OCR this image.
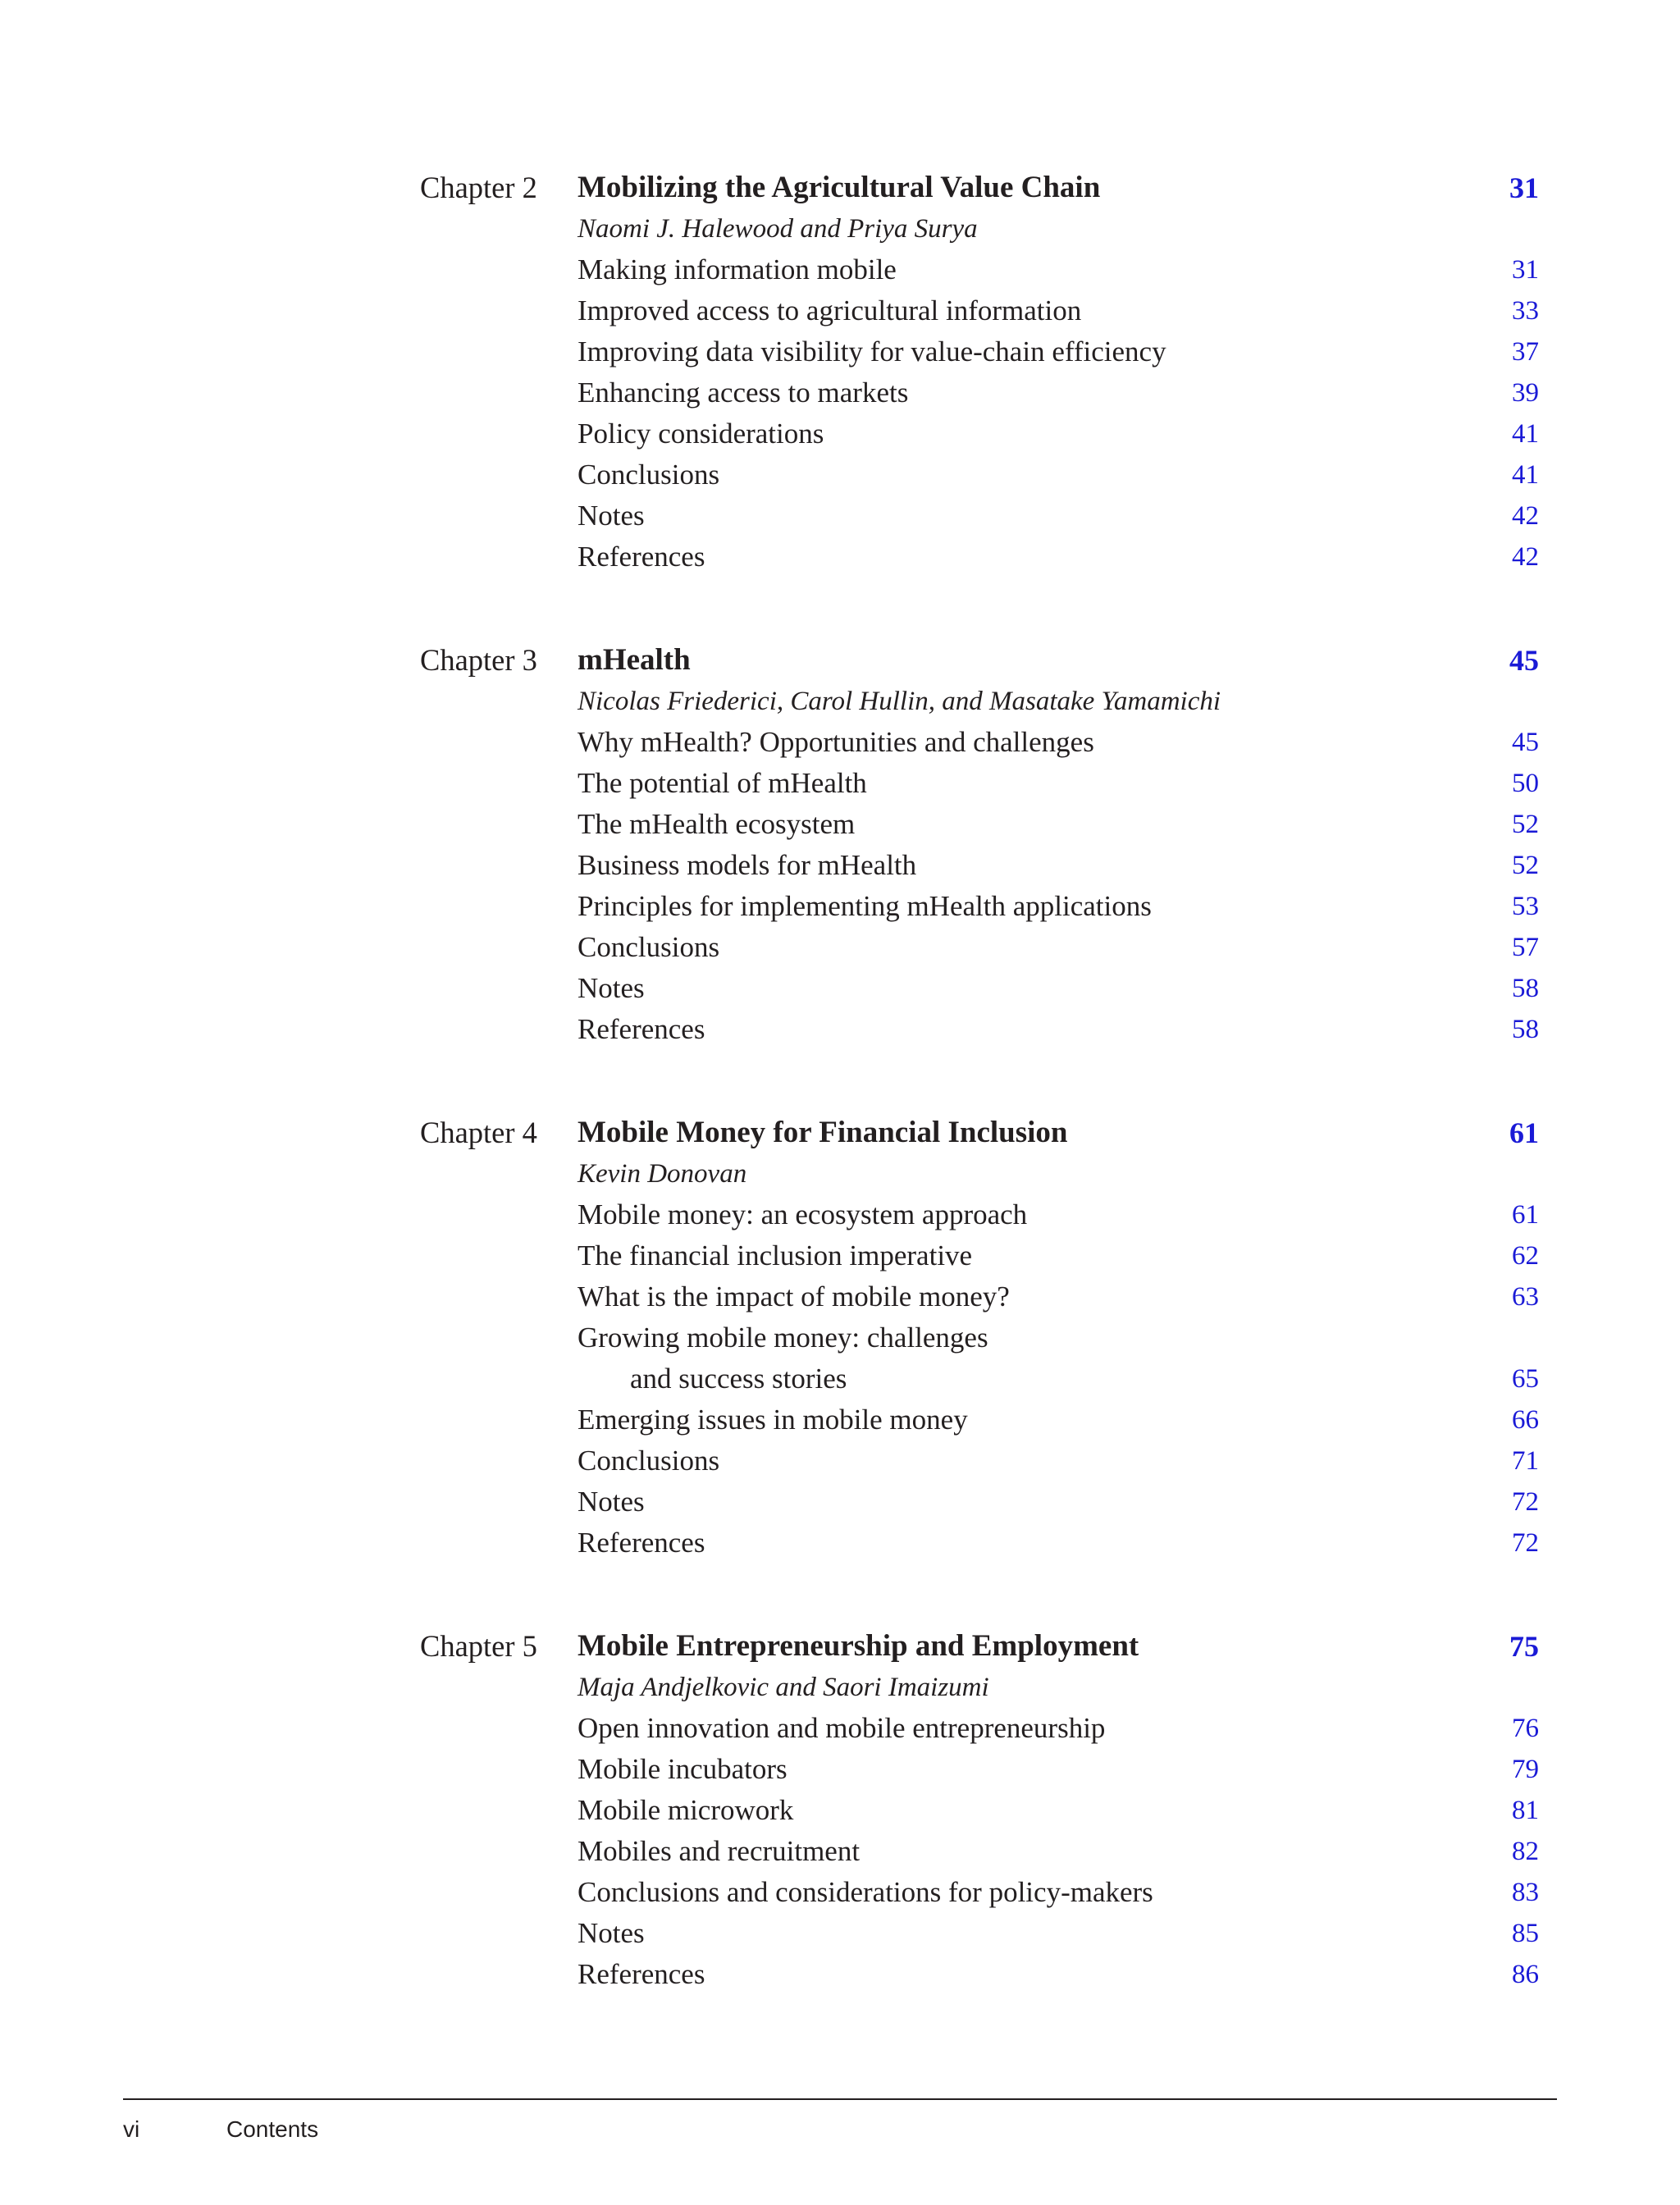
Chapter 2 Mobilizing the Agricultural Value Chain	31
Naomi J. Halewood and Priya Surya
Making information mobile	31
Improved access to agricultural information	33
Improving data visibility for value-chain efficiency	37
Enhancing access to markets	39
Policy considerations	41
Conclusions	41
Notes	42
References	42
Chapter 3 mHealth	45
Nicolas Friederici, Carol Hullin, and Masatake Yamamichi
Why mHealth? Opportunities and challenges	45
The potential of mHealth	50
The mHealth ecosystem	52
Business models for mHealth	52
Principles for implementing mHealth applications	53
Conclusions	57
Notes	58
References	58
Chapter 4 Mobile Money for Financial Inclusion	61
Kevin Donovan
Mobile money: an ecosystem approach	61
The financial inclusion imperative	62
What is the impact of mobile money?	63
Growing mobile money: challenges
and success stories	65
Emerging issues in mobile money	66
Conclusions	71
Notes	72
References	72
Chapter 5 Mobile Entrepreneurship and Employment	75
Maja Andjelkovic and Saori Imaizumi
Open innovation and mobile entrepreneurship	76
Mobile incubators	79
Mobile microwork	81
Mobiles and recruitment	82
Conclusions and considerations for policy-makers	83
Notes	85
References	86
vi	Contents
